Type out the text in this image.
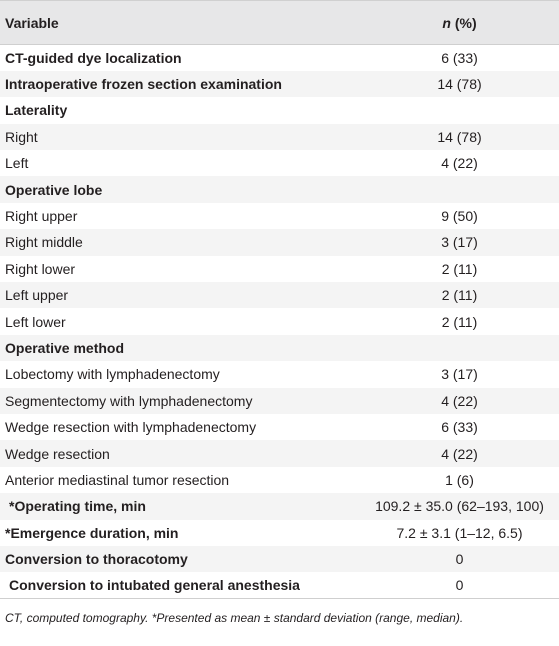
Variable	n (%)
CT-guided dye localization	6 (33)
Intraoperative frozen section examination	14 (78)
Laterality	
Right	14 (78)
Left	4 (22)
Operative lobe	
Right upper	9 (50)
Right middle	3 (17)
Right lower	2 (11)
Left upper	2 (11)
Left lower	2 (11)
Operative method	
Lobectomy with lymphadenectomy	3 (17)
Segmentectomy with lymphadenectomy	4 (22)
Wedge resection with lymphadenectomy	6 (33)
Wedge resection	4 (22)
Anterior mediastinal tumor resection	1 (6)
*Operating time, min	109.2 ± 35.0 (62–193, 100)
*Emergence duration, min	7.2 ± 3.1 (1–12, 6.5)
Conversion to thoracotomy	0
Conversion to intubated general anesthesia	0
CT, computed tomography. *Presented as mean ± standard deviation (range, median).
